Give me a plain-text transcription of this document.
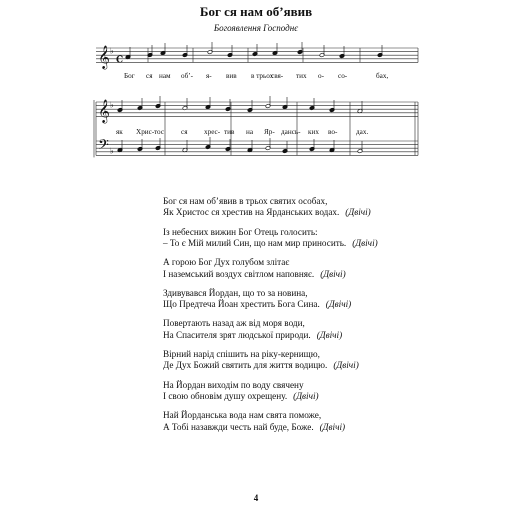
Бог ся нам об’явив
Богоявлення Господнє
𝄞
𝄞
𝄢
♭
♭
♭
C
Бог ся нам об’- я- вив в трьох
свя- тих о- со-	бах,
як Хрис- тос ся хрес- тив на Яр- дансь- ких во-	дах.
Бог ся нам об’явив в трьох святих особах,
Як Христос ся хрестив на Ярданських водах. (Двічі)
Із небесних вижин Бог Отець голосить:
– То є Мій милий Син, що нам мир приносить. (Двічі)
А горою Бог Дух голубом злітає
І наземський воздух світлом наповняє. (Двічі)
Здивувався Йордан, що то за новина,
Що Предтеча Йоан хрестить Бога Сина. (Двічі)
Повертають назад аж від моря води,
На Спасителя зрят людської природи. (Двічі)
Вірний нарід спішить на ріку-кернищю,
Де Дух Божий святить для життя водицю. (Двічі)
На Йордан виходім по воду свячену
І свою обновім душу охрещену. (Двічі)
Най Йорданська вода нам свята поможе,
А Тобі назавжди честь най буде, Боже. (Двічі)
4
